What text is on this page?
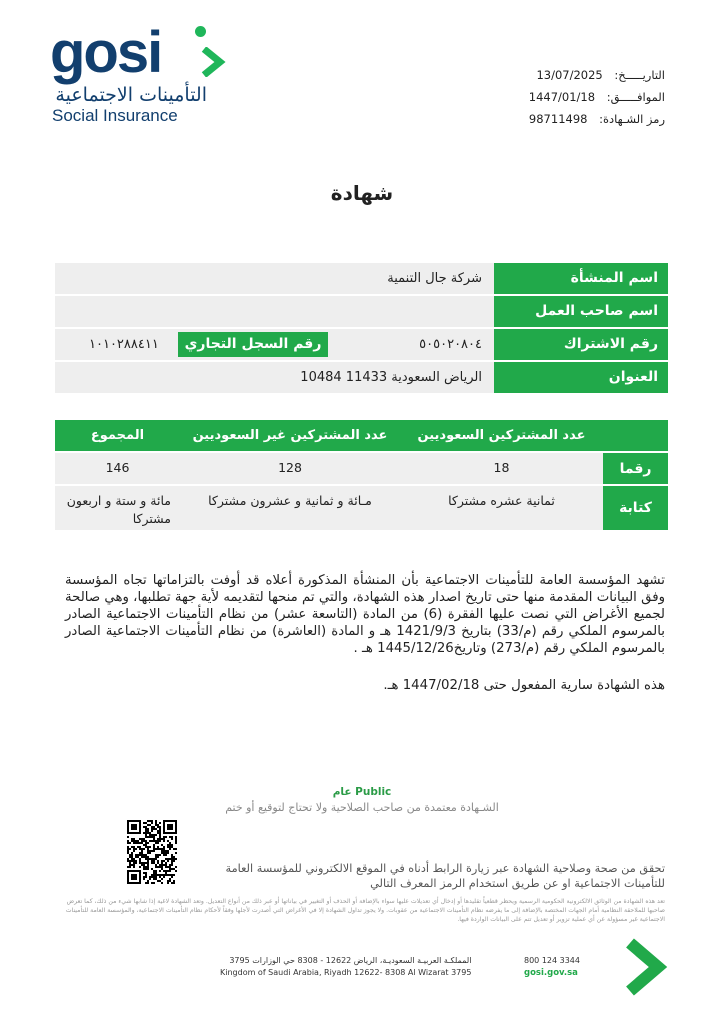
gosi
التأمينات الاجتماعية
Social Insurance
التاريـــــخ: 13/07/2025
الموافـــــق: 1447/01/18
رمز الشـهادة: 98711498
شهادة
اسم المنشأة
شركة جال التنمية
اسم صاحب العمل
رقم الاشتراك
٥٠٥٠٢٠٨٠٤
رقم السجل التجاري
١٠١٠٢٨٨٤١١
العنوان
الرياض السعودية 11433 10484
عدد المشتركين السعوديين
عدد المشتركين غير السعوديين
المجموع
رقما
18
128
146
كتابة
ثمانية عشره مشتركا
مـائة و ثمانية و عشرون مشتركا
مائة و ستة و اربعون مشتركا

تشهد المؤسسة العامة للتأمينات الاجتماعية بأن المنشأة المذكورة أعلاه قد أوفت بالتزاماتها تجاه المؤسسة وفق البيانات المقدمة منها حتى تاريخ اصدار هذه الشهادة، والتي تم منحها لتقديمه لأية جهة تطلبها، وهي صالحة لجميع الأغراض التي نصت عليها الفقرة (6) من المادة (التاسعة عشر) من نظام التأمينات الاجتماعية الصادر بالمرسوم الملكي رقم (م/33) بتاريخ 1421/9/3 هـ و المادة (العاشرة) من نظام التأمينات الاجتماعية الصادر بالمرسوم الملكي رقم (م/273) وتاريخ1445/12/26 هـ .

هذه الشهادة سارية المفعول حتى 1447/02/18 هـ.
Public عام
الشـهادة معتمدة من صاحب الصلاحية ولا تحتاج لتوقيع أو ختم
تحقق من صحة وصلاحية الشهادة عبر زيارة الرابط أدناه في الموقع الالكتروني للمؤسسة العامة
للتأمينات الاجتماعية او عن طريق استخدام الرمز المعرف التالي
تعد هذه الشهادة من الوثائق الالكترونية الحكومية الرسمية ويحظر قطعياً تقليدها أو إدخال أي تعديلات عليها سواء بالإضافة أو الحذف أو التغيير في بياناتها أو عبر ذلك من أنواع التعديل. وتعد الشهادة لاغية إذا شابها شيء من ذلك، كما تعرض صاحبها للملاحقة النظامية أمام الجهات المختصة بالإضافة إلى ما يفرضه نظام التأمينات الاجتماعية من عقوبات. ولا يجوز تداول الشهادة إلا في الأغراض التي أصدرت لأجلها وفقاً لأحكام نظام التأمينات الاجتماعية، والمؤسسة العامة للتأمينات الاجتماعية غير مسؤولة عن أي عملية تزوير أو تعديل تتم على البيانات الواردة فيها.
المملكـة العربيـة السعوديـة، الرياض 12622 - 8308 حي الوزارات 3795
Kingdom of Saudi Arabia, Riyadh 12622- 8308 Al Wizarat 3795
800 124 3344
gosi.gov.sa
